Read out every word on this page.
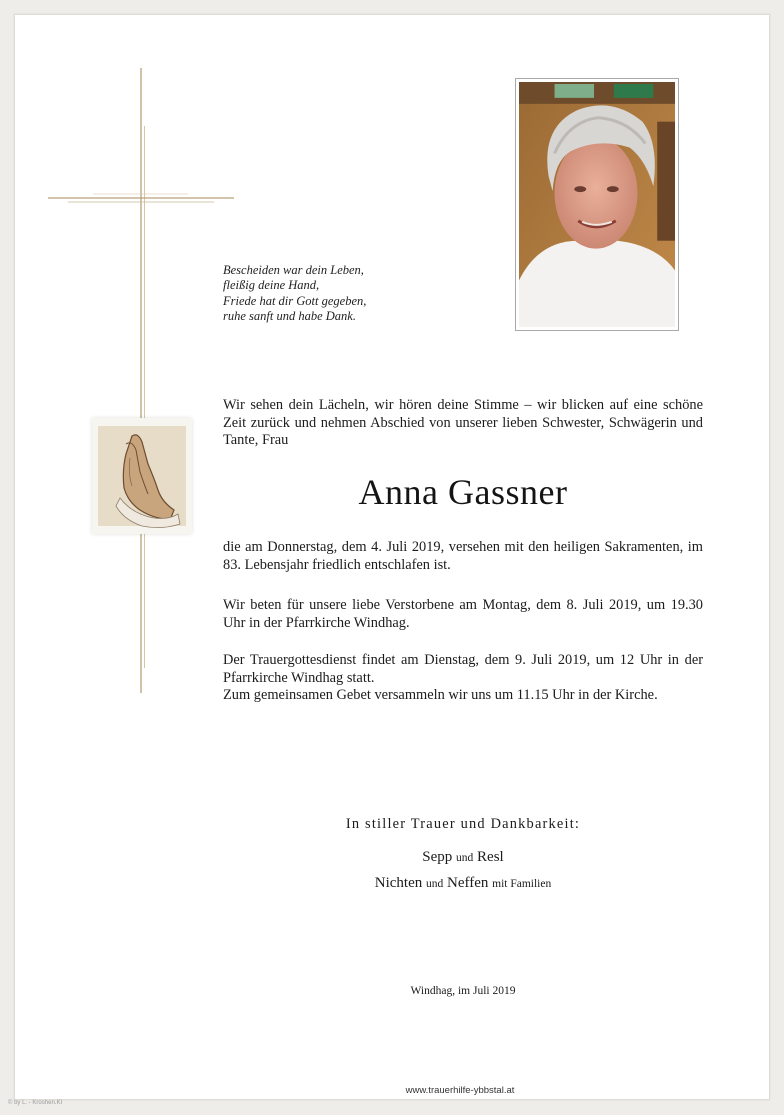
Bescheiden war dein Leben,
fleißig deine Hand,
Friede hat dir Gott gegeben,
ruhe sanft und habe Dank.
Wir sehen dein Lächeln, wir hören deine Stimme – wir blicken auf eine schöne Zeit zurück und nehmen Abschied von unserer lieben Schwester, Schwägerin und Tante, Frau
Anna Gassner
die am Donnerstag, dem 4. Juli 2019, versehen mit den heiligen Sakramenten, im 83. Lebensjahr friedlich entschlafen ist.
Wir beten für unsere liebe Verstorbene am Montag, dem 8. Juli 2019, um 19.30 Uhr in der Pfarrkirche Windhag.
Der Trauergottesdienst findet am Dienstag, dem 9. Juli 2019, um 12 Uhr in der Pfarrkirche Windhag statt.
Zum gemeinsamen Gebet versammeln wir uns um 11.15 Uhr in der Kirche.
In stiller Trauer und Dankbarkeit:
Sepp und Resl
Nichten und Neffen mit Familien
Windhag, im Juli 2019
www.trauerhilfe-ybbstal.at
© by L. - Kroshen.KI
